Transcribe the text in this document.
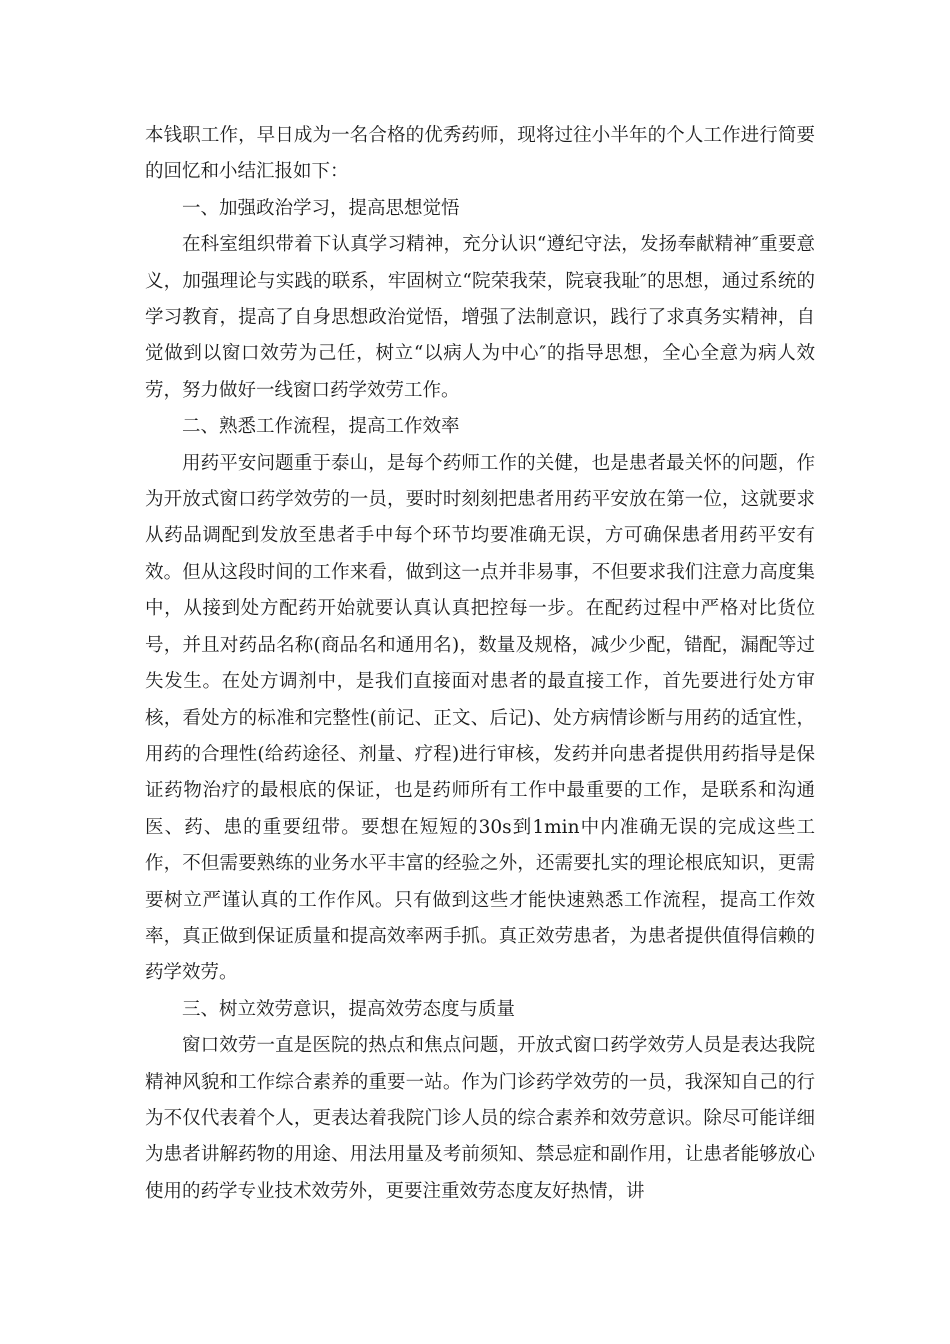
本钱职工作，早日成为一名合格的优秀药师，现将过往小半年的个人工作进行简要的回忆和小结汇报如下：

一、加强政治学习，提高思想觉悟

在科室组织带着下认真学习精神，充分认识“遵纪守法，发扬奉献精神″重要意义，加强理论与实践的联系，牢固树立“院荣我荣，院衰我耻″的思想，通过系统的学习教育，提高了自身思想政治觉悟，增强了法制意识，践行了求真务实精神，自觉做到以窗口效劳为己任，树立“以病人为中心″的指导思想，全心全意为病人效劳，努力做好一线窗口药学效劳工作。

二、熟悉工作流程，提高工作效率

用药平安问题重于泰山，是每个药师工作的关健，也是患者最关怀的问题，作为开放式窗口药学效劳的一员，要时时刻刻把患者用药平安放在第一位，这就要求从药品调配到发放至患者手中每个环节均要准确无误，方可确保患者用药平安有效。但从这段时间的工作来看，做到这一点并非易事，不但要求我们注意力高度集中，从接到处方配药开始就要认真认真把控每一步。在配药过程中严格对比货位号，并且对药品名称(商品名和通用名)，数量及规格，减少少配，错配，漏配等过失发生。在处方调剂中，是我们直接面对患者的最直接工作，首先要进行处方审核，看处方的标准和完整性(前记、正文、后记)、处方病情诊断与用药的适宜性，用药的合理性(给药途径、剂量、疗程)进行审核，发药并向患者提供用药指导是保证药物治疗的最根底的保证，也是药师所有工作中最重要的工作，是联系和沟通医、药、患的重要纽带。要想在短短的30s到1min中内准确无误的完成这些工作，不但需要熟练的业务水平丰富的经验之外，还需要扎实的理论根底知识，更需要树立严谨认真的工作作风。只有做到这些才能快速熟悉工作流程，提高工作效率，真正做到保证质量和提高效率两手抓。真正效劳患者，为患者提供值得信赖的药学效劳。

三、树立效劳意识，提高效劳态度与质量

窗口效劳一直是医院的热点和焦点问题，开放式窗口药学效劳人员是表达我院精神风貌和工作综合素养的重要一站。作为门诊药学效劳的一员，我深知自己的行为不仅代表着个人，更表达着我院门诊人员的综合素养和效劳意识。除尽可能详细为患者讲解药物的用途、用法用量及考前须知、禁忌症和副作用，让患者能够放心使用的药学专业技术效劳外，更要注重效劳态度友好热情，讲
